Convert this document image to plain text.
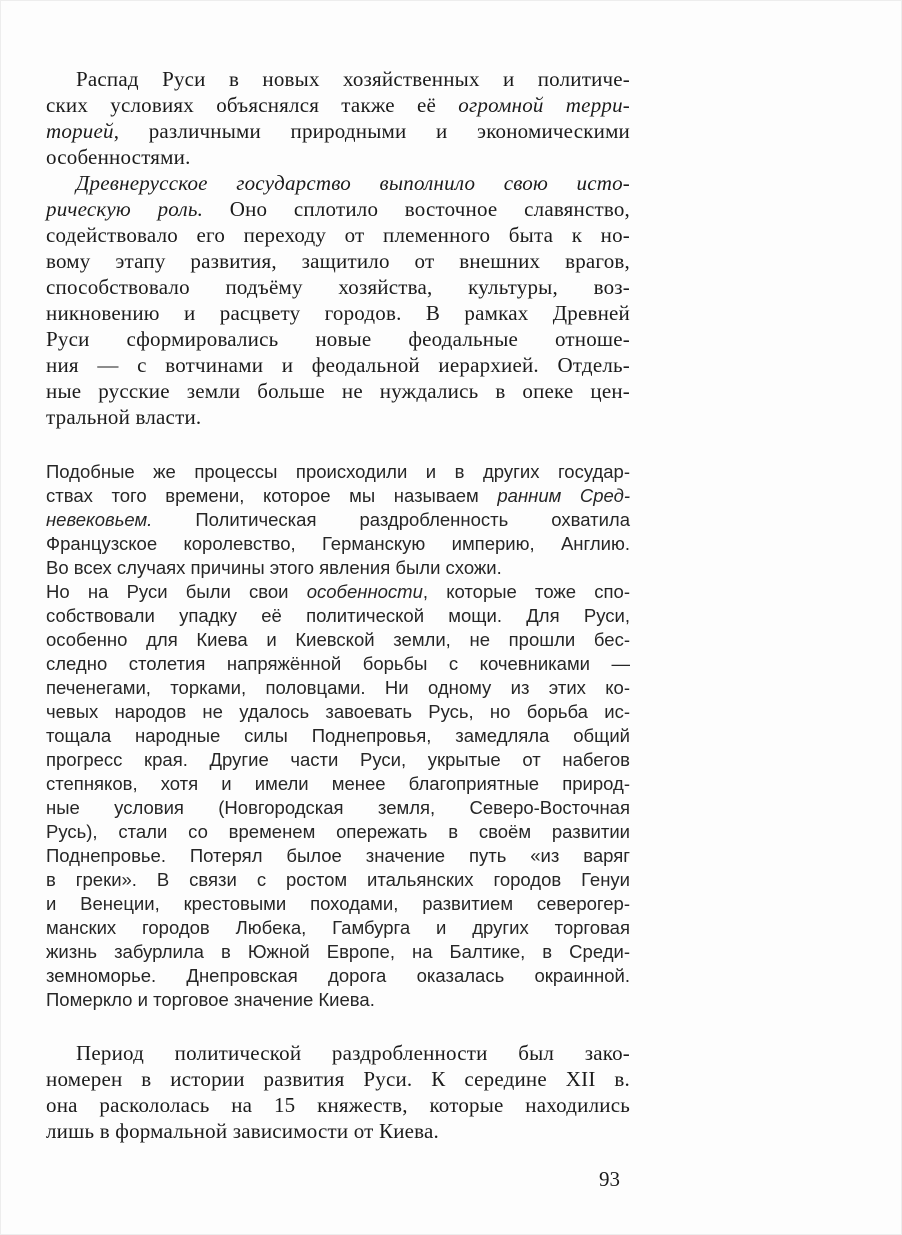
Распад Руси в новых хозяйственных и политиче-
ских условиях объяснялся также её огромной терри-
торией, различными природными и экономическими
особенностями.
Древнерусское государство выполнило свою исто-
рическую роль. Оно сплотило восточное славянство,
содействовало его переходу от племенного быта к но-
вому этапу развития, защитило от внешних врагов,
способствовало подъёму хозяйства, культуры, воз-
никновению и расцвету городов. В рамках Древней
Руси сформировались новые феодальные отноше-
ния — с вотчинами и феодальной иерархией. Отдель-
ные русские земли больше не нуждались в опеке цен-
тральной власти.
Подобные же процессы происходили и в других государ-
ствах того времени, которое мы называем ранним Сред-
невековьем. Политическая раздробленность охватила
Французское королевство, Германскую империю, Англию.
Во всех случаях причины этого явления были схожи.
Но на Руси были свои особенности, которые тоже спо-
собствовали упадку её политической мощи. Для Руси,
особенно для Киева и Киевской земли, не прошли бес-
следно столетия напряжённой борьбы с кочевниками —
печенегами, торками, половцами. Ни одному из этих ко-
чевых народов не удалось завоевать Русь, но борьба ис-
тощала народные силы Поднепровья, замедляла общий
прогресс края. Другие части Руси, укрытые от набегов
степняков, хотя и имели менее благоприятные природ-
ные условия (Новгородская земля, Северо-Восточная
Русь), стали со временем опережать в своём развитии
Поднепровье. Потерял былое значение путь «из варяг
в греки». В связи с ростом итальянских городов Генуи
и Венеции, крестовыми походами, развитием северогер-
манских городов Любека, Гамбурга и других торговая
жизнь забурлила в Южной Европе, на Балтике, в Среди-
земноморье. Днепровская дорога оказалась окраинной.
Померкло и торговое значение Киева.
Период политической раздробленности был зако-
номерен в истории развития Руси. К середине XII в.
она раскололась на 15 княжеств, которые находились
лишь в формальной зависимости от Киева.
93
